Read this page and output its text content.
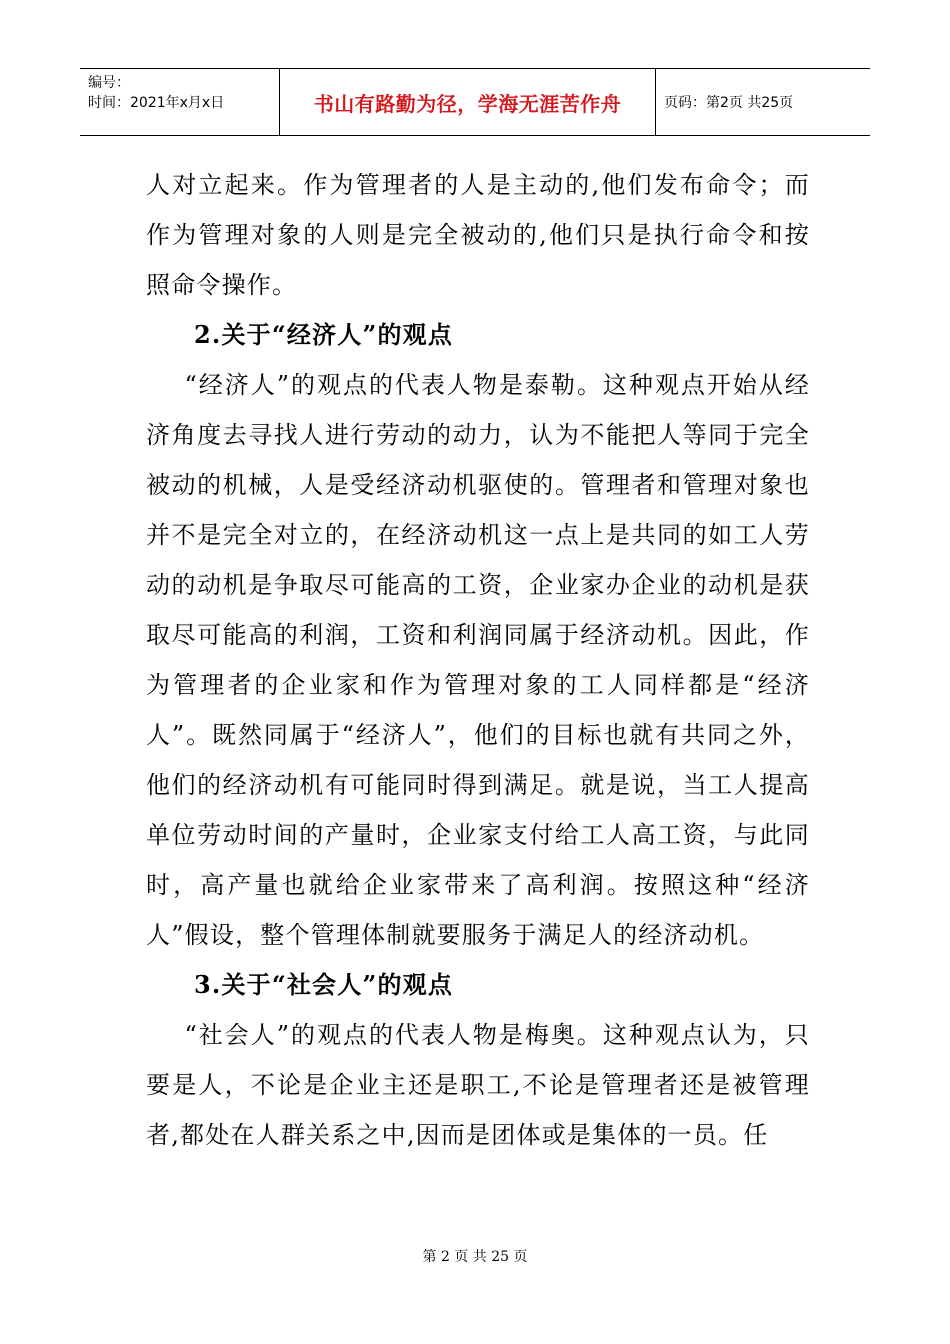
编号：
时间：2021年x月x日	书山有路勤为径，学海无涯苦作舟	页码：第2页 共25页

人对立起来。作为管理者的人是主动的,他们发布命令；而作为管理对象的人则是完全被动的,他们只是执行命令和按照命令操作。

2.关于“经济人”的观点

“经济人”的观点的代表人物是泰勒。这种观点开始从经济角度去寻找人进行劳动的动力，认为不能把人等同于完全被动的机械，人是受经济动机驱使的。管理者和管理对象也并不是完全对立的，在经济动机这一点上是共同的如工人劳动的动机是争取尽可能高的工资，企业家办企业的动机是获取尽可能高的利润，工资和利润同属于经济动机。因此，作为管理者的企业家和作为管理对象的工人同样都是“经济人”。既然同属于“经济人”，他们的目标也就有共同之外，他们的经济动机有可能同时得到满足。就是说，当工人提高单位劳动时间的产量时，企业家支付给工人高工资，与此同时，高产量也就给企业家带来了高利润。按照这种“经济人”假设，整个管理体制就要服务于满足人的经济动机。

3.关于“社会人”的观点

“社会人”的观点的代表人物是梅奥。这种观点认为，只要是人，不论是企业主还是职工,不论是管理者还是被管理者,都处在人群关系之中,因而是团体或是集体的一员。任

第 2 页 共 25 页
